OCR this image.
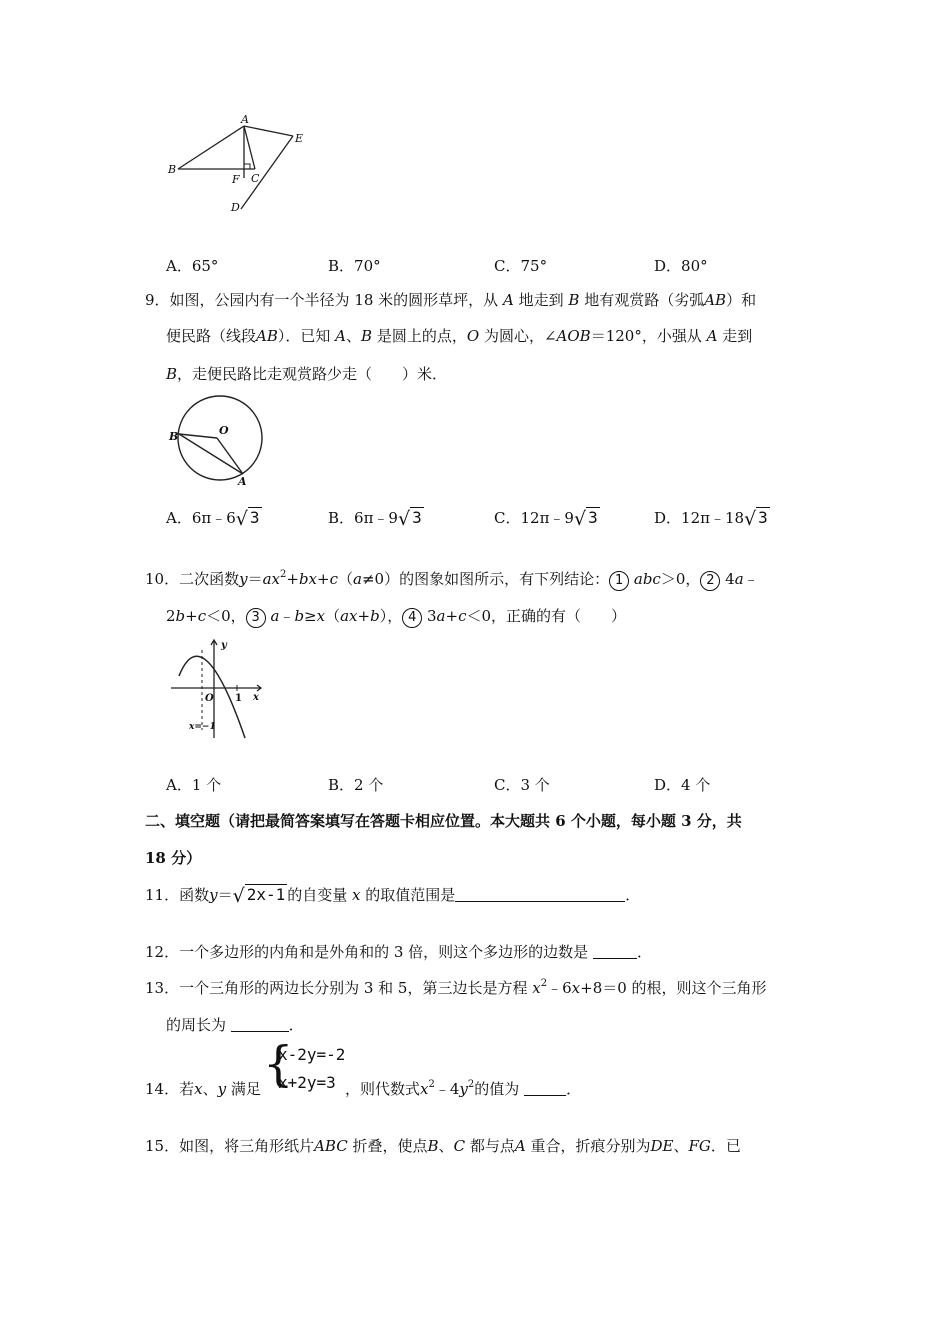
A
B
C
D
E
F
A．65°	B．70°	C．75°	D．80°
9．如图，公园内有一个半径为 18 米的圆形草坪，从 A 地走到 B 地有观赏路（劣弧AB）和
便民路（线段AB）．已知 A、B 是圆上的点，O 为圆心，∠AOB＝120°，小强从 A 走到
B，走便民路比走观赏路少走（　　）米．
B	O
A
A．6π﹣6√ 3	B．6π﹣9√ 3	C．12π﹣9√ 3	D．12π﹣18√ 3
10．二次函数$y=ax^2+bx+c(a\ne 0)$的图象如图所示，有下列结论： 1 abc＞0， 2 4a﹣
2b+c＜0， 3 a﹣b≥x（ax+b）， 4 3a+c＜0，正确的有（　　）
y
O 1 x
x=−1
A．1 个	B．2 个	C．3 个	D．4 个
二、填空题（请把最简答案填写在答题卡相应位置。本大题共 6 个小题，每小题 3 分，共
18 分）
11．函数y＝√ 2x-1 的自变量 x 的取值范围是	．
12．一个多边形的内角和是外角和的 3 倍，则这个多边形的边数是	．
13．一个三角形的两边长分别为 3 和 5，第三边长是方程 $x^2﹣6x+8=0$ 的根，则这个三角形
的周长为	．
{
x-2y=-2
x+2y=3
14．若x、y 满足	，则代数式$x^2﹣4y^2$的值为	．
15．如图，将三角形纸片ABC 折叠，使点B、C 都与点A 重合，折痕分别为DE、FG．已
